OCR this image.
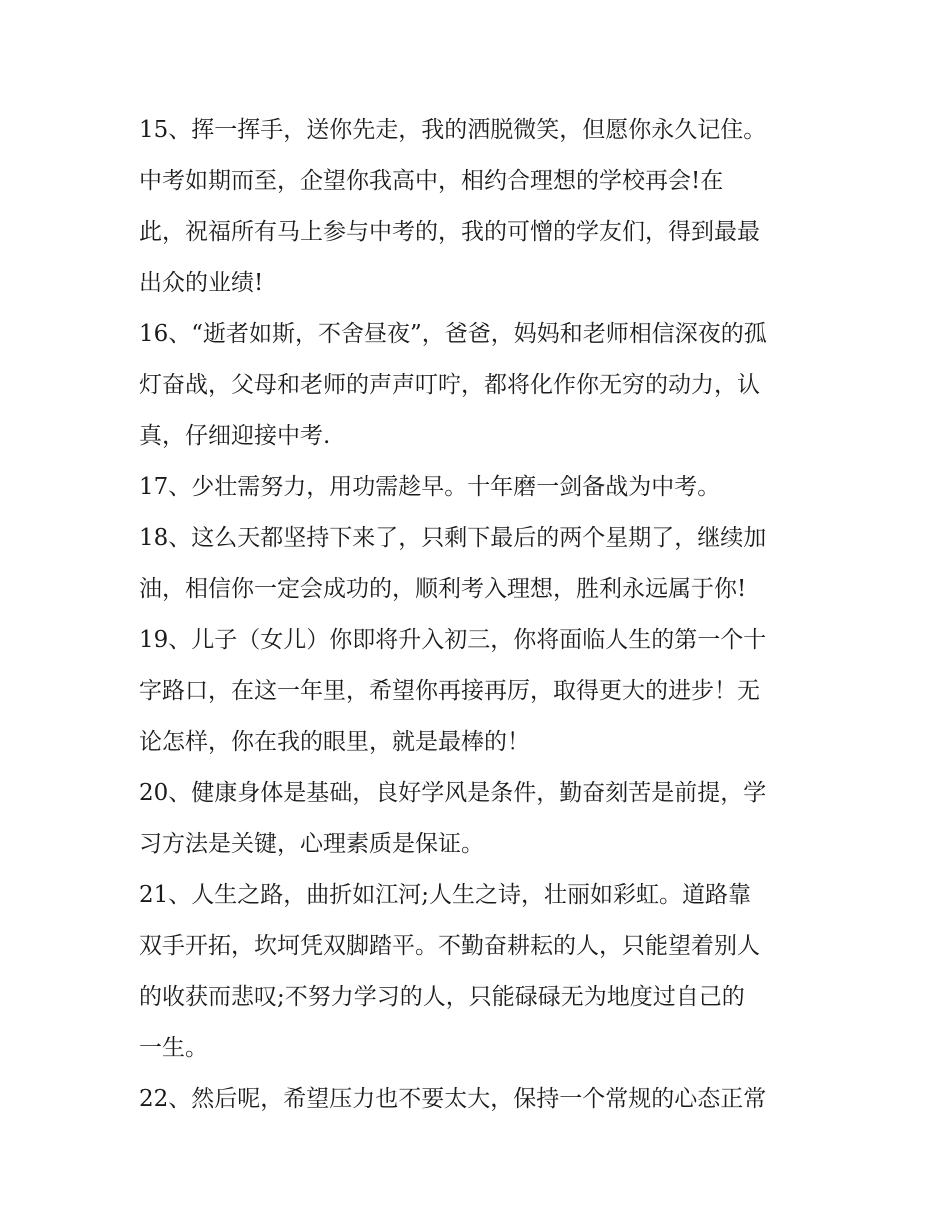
15、挥一挥手，送你先走，我的洒脱微笑，但愿你永久记住。
中考如期而至，企望你我高中，相约合理想的学校再会!在
此，祝福所有马上参与中考的，我的可憎的学友们，得到最最
出众的业绩!
16、“逝者如斯，不舍昼夜”，爸爸，妈妈和老师相信深夜的孤
灯奋战，父母和老师的声声叮咛，都将化作你无穷的动力，认
真，仔细迎接中考.
17、少壮需努力，用功需趁早。十年磨一剑备战为中考。
18、这么天都坚持下来了，只剩下最后的两个星期了，继续加
油，相信你一定会成功的，顺利考入理想，胜利永远属于你!
19、儿子（女儿）你即将升入初三，你将面临人生的第一个十
字路口，在这一年里，希望你再接再厉，取得更大的进步！无
论怎样，你在我的眼里，就是最棒的！
20、健康身体是基础，良好学风是条件，勤奋刻苦是前提，学
习方法是关键，心理素质是保证。
21、人生之路，曲折如江河;人生之诗，壮丽如彩虹。道路靠
双手开拓，坎坷凭双脚踏平。不勤奋耕耘的人，只能望着别人
的收获而悲叹;不努力学习的人，只能碌碌无为地度过自己的
一生。
22、然后呢，希望压力也不要太大，保持一个常规的心态正常
